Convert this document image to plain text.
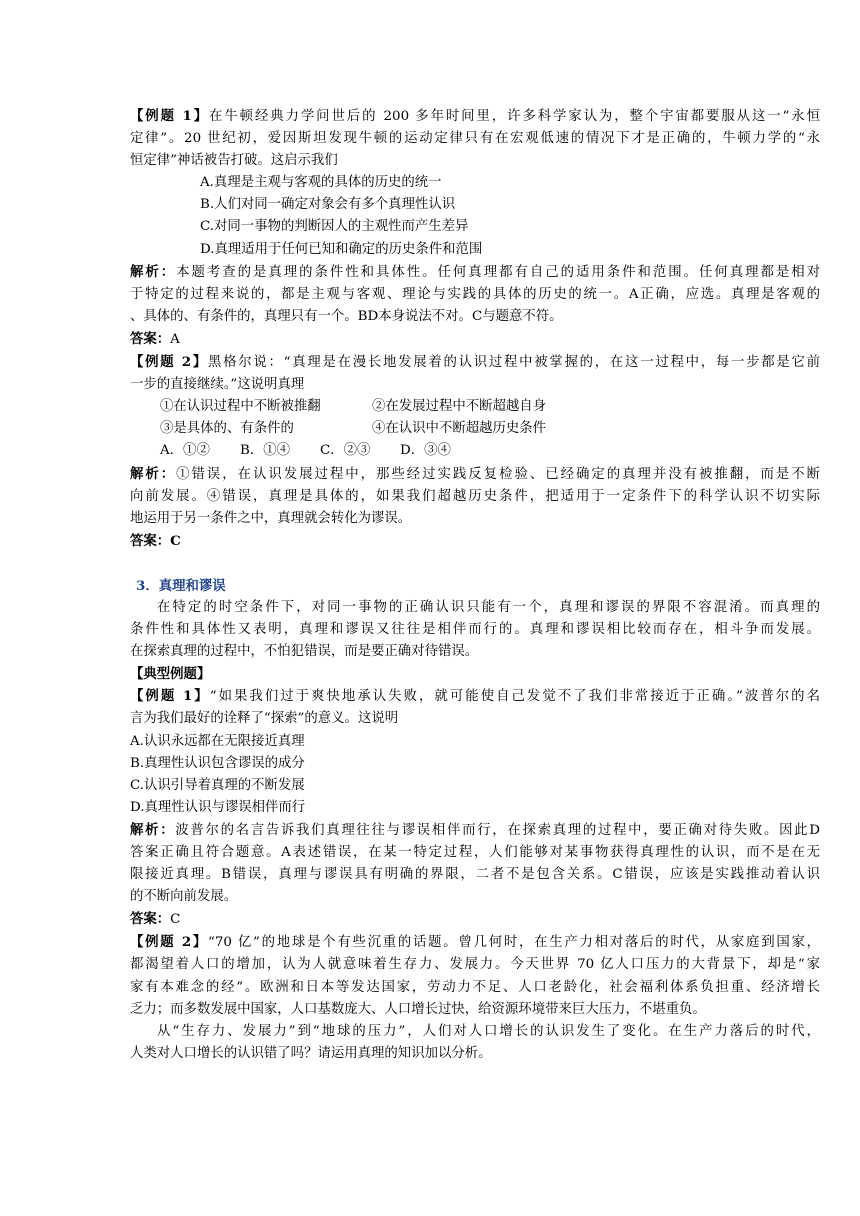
【例题 1】在牛顿经典力学问世后的 200 多年时间里，许多科学家认为，整个宇宙都要服从这一“永恒
定律”。20 世纪初，爱因斯坦发现牛顿的运动定律只有在宏观低速的情况下才是正确的，牛顿力学的“永
恒定律”神话被告打破。这启示我们
A.真理是主观与客观的具体的历史的统一
B.人们对同一确定对象会有多个真理性认识
C.对同一事物的判断因人的主观性而产生差异
D.真理适用于任何已知和确定的历史条件和范围
解析：本题考查的是真理的条件性和具体性。任何真理都有自己的适用条件和范围。任何真理都是相对
于特定的过程来说的，都是主观与客观、理论与实践的具体的历史的统一。A正确，应选。真理是客观的
、具体的、有条件的，真理只有一个。BD本身说法不对。C与题意不符。
答案：A
【例题 2】黑格尔说：“真理是在漫长地发展着的认识过程中被掌握的，在这一过程中，每一步都是它前
一步的直接继续。”这说明真理
①在认识过程中不断被推翻	②在发展过程中不断超越自身
③是具体的、有条件的	④在认识中不断超越历史条件
A．①② B．①④ C．②③ D．③④
解析：①错误，在认识发展过程中，那些经过实践反复检验、已经确定的真理并没有被推翻，而是不断
向前发展。④错误，真理是具体的，如果我们超越历史条件，把适用于一定条件下的科学认识不切实际
地运用于另一条件之中，真理就会转化为谬误。
答案：C
3．真理和谬误
在特定的时空条件下，对同一事物的正确认识只能有一个，真理和谬误的界限不容混淆。而真理的
条件性和具体性又表明，真理和谬误又往往是相伴而行的。真理和谬误相比较而存在，相斗争而发展。
在探索真理的过程中，不怕犯错误，而是要正确对待错误。
【典型例题】
【例题 1】“如果我们过于爽快地承认失败，就可能使自己发觉不了我们非常接近于正确。”波普尔的名
言为我们最好的诠释了“探索”的意义。这说明
A.认识永远都在无限接近真理
B.真理性认识包含谬误的成分
C.认识引导着真理的不断发展
D.真理性认识与谬误相伴而行
解析：波普尔的名言告诉我们真理往往与谬误相伴而行，在探索真理的过程中，要正确对待失败。因此D
答案正确且符合题意。A表述错误，在某一特定过程，人们能够对某事物获得真理性的认识，而不是在无
限接近真理。B错误，真理与谬误具有明确的界限，二者不是包含关系。C错误，应该是实践推动着认识
的不断向前发展。
答案：C
【例题 2】“70 亿”的地球是个有些沉重的话题。曾几何时，在生产力相对落后的时代，从家庭到国家，
都渴望着人口的增加，认为人就意味着生存力、发展力。今天世界 70 亿人口压力的大背景下，却是“家
家有本难念的经”。欧洲和日本等发达国家，劳动力不足、人口老龄化，社会福利体系负担重、经济增长
乏力；而多数发展中国家，人口基数庞大、人口增长过快，给资源环境带来巨大压力，不堪重负。
从“生存力、发展力”到“地球的压力”，人们对人口增长的认识发生了变化。在生产力落后的时代，
人类对人口增长的认识错了吗？请运用真理的知识加以分析。
